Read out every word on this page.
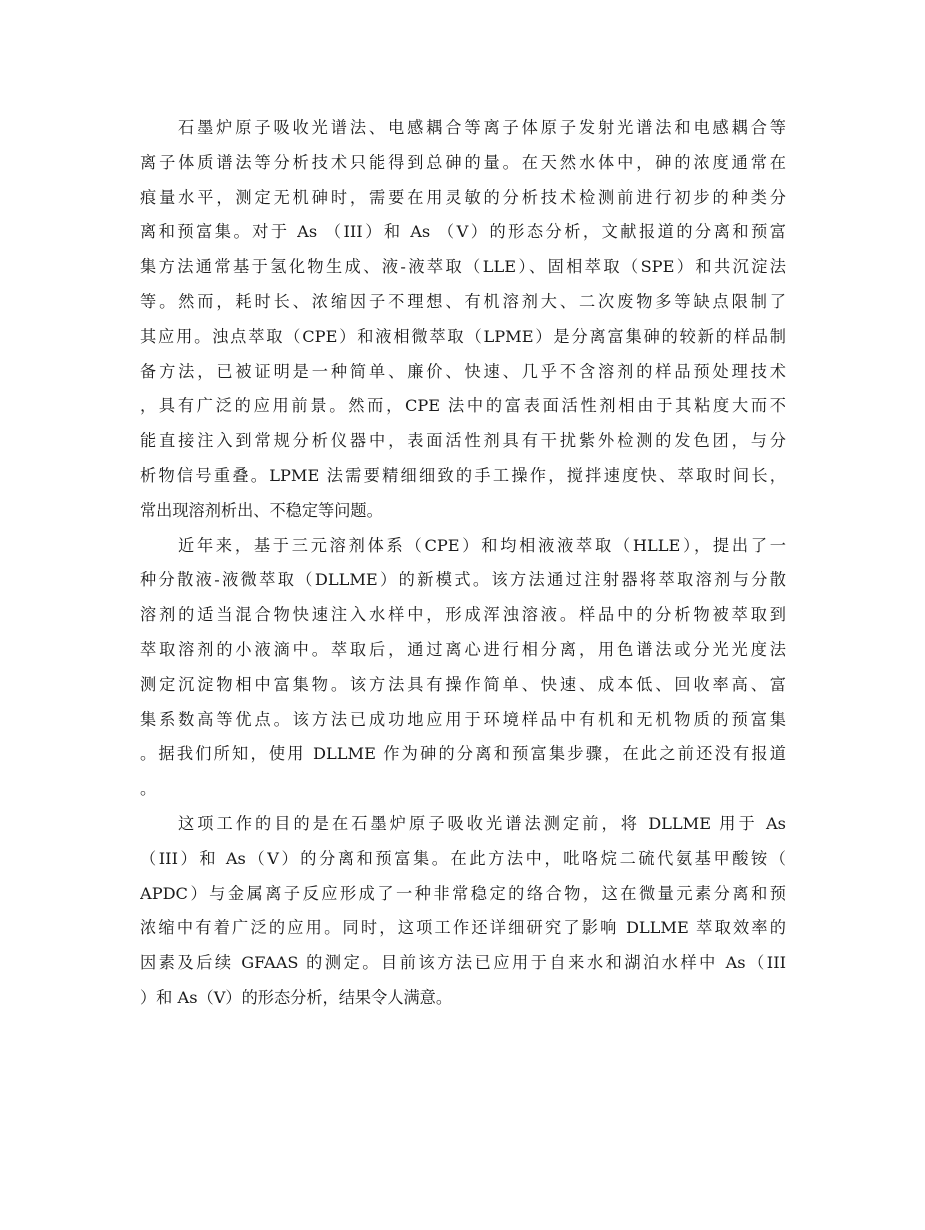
石墨炉原子吸收光谱法、电感耦合等离子体原子发射光谱法和电感耦合等
离子体质谱法等分析技术只能得到总砷的量。在天然水体中，砷的浓度通常在
痕量水平，测定无机砷时，需要在用灵敏的分析技术检测前进行初步的种类分
离和预富集。对于 As （III）和 As （V）的形态分析，文献报道的分离和预富
集方法通常基于氢化物生成、液-液萃取（LLE）、固相萃取（SPE）和共沉淀法
等。然而，耗时长、浓缩因子不理想、有机溶剂大、二次废物多等缺点限制了
其应用。浊点萃取（CPE）和液相微萃取（LPME）是分离富集砷的较新的样品制
备方法，已被证明是一种简单、廉价、快速、几乎不含溶剂的样品预处理技术
，具有广泛的应用前景。然而，CPE 法中的富表面活性剂相由于其粘度大而不
能直接注入到常规分析仪器中，表面活性剂具有干扰紫外检测的发色团，与分
析物信号重叠。LPME 法需要精细细致的手工操作，搅拌速度快、萃取时间长，
常出现溶剂析出、不稳定等问题。
近年来，基于三元溶剂体系（CPE）和均相液液萃取（HLLE），提出了一
种分散液-液微萃取（DLLME）的新模式。该方法通过注射器将萃取溶剂与分散
溶剂的适当混合物快速注入水样中，形成浑浊溶液。样品中的分析物被萃取到
萃取溶剂的小液滴中。萃取后，通过离心进行相分离，用色谱法或分光光度法
测定沉淀物相中富集物。该方法具有操作简单、快速、成本低、回收率高、富
集系数高等优点。该方法已成功地应用于环境样品中有机和无机物质的预富集
。据我们所知，使用 DLLME 作为砷的分离和预富集步骤，在此之前还没有报道
。
这项工作的目的是在石墨炉原子吸收光谱法测定前，将 DLLME 用于 As
（III）和 As（V）的分离和预富集。在此方法中，吡咯烷二硫代氨基甲酸铵（
APDC）与金属离子反应形成了一种非常稳定的络合物，这在微量元素分离和预
浓缩中有着广泛的应用。同时，这项工作还详细研究了影响 DLLME 萃取效率的
因素及后续 GFAAS 的测定。目前该方法已应用于自来水和湖泊水样中 As（III
）和 As（V）的形态分析，结果令人满意。
